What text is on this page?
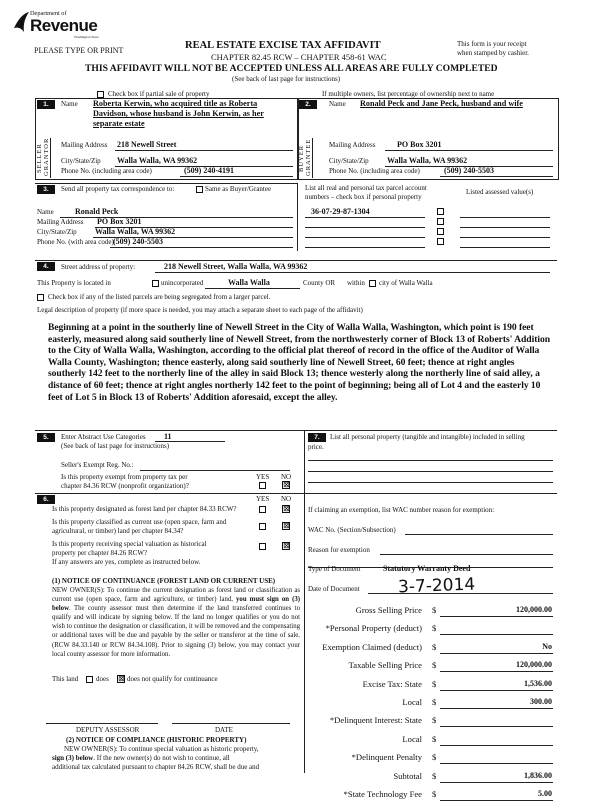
Department of
Revenue
Washington State
PLEASE TYPE OR PRINT	REAL ESTATE EXCISE TAX AFFIDAVIT
CHAPTER 82.45 RCW – CHAPTER 458-61 WAC
This form is your receipt
when stamped by cashier.
THIS AFFIDAVIT WILL NOT BE ACCEPTED UNLESS ALL AREAS ARE FULLY COMPLETED
(See back of last page for instructions)
Check box if partial sale of property	If multiple owners, list percentage of ownership next to name
1.
SELLER GRANTOR
Name Roberta Kerwin, who acquired title as Roberta Davidson, whose husband is John Kerwin, as her separate estate
Mailing Address 218 Newell Street
City/State/Zip Walla Walla, WA 99362
Phone No. (including area code)	(509) 240-4191
2.
BUYER GRANTEE
Name Ronald Peck and Jane Peck, husband and wife
Mailing Address	PO Box 3201
City/State/Zip Walla Walla, WA 99362
Phone No. (including area code)	(509) 240-5503
3.	Send all property tax correspondence to:	Same as Buyer/Grantee	List all real and personal tax parcel account
numbers – check box if personal property
Listed assessed value(s)
Name	Ronald Peck
Mailing Address PO Box 3201
City/State/Zip Walla Walla, WA 99362
Phone No. (with area code) (509) 240-5503
36-07-29-87-1304
4.	Street address of property:	218 Newell Street, Walla Walla, WA 99362
This Property is located in	unincorporated	Walla Walla	County OR within city of Walla Walla
Check box if any of the listed parcels are being segregated from a larger parcel.
Legal description of property (if more space is needed, you may attach a separate sheet to each page of the affidavit)
Beginning at a point in the southerly line of Newell Street in the City of Walla Walla, Washington, which point is 190 feet easterly, measured along said southerly line of Newell Street, from the northwesterly corner of Block 13 of Roberts' Addition to the City of Walla Walla, Washington, according to the official plat thereof of record in the office of the Auditor of Walla Walla County, Washington; thence easterly, along said southerly line of Newell Street, 60 feet; thence at right angles southerly 142 feet to the northerly line of the alley in said Block 13; thence westerly along the northerly line of said alley, a distance of 60 feet; thence at right angles northerly 142 feet to the point of beginning; being all of Lot 4 and the easterly 10 feet of Lot 5 in Block 13 of Roberts' Addition aforesaid, except the alley.
5.	Enter Abstract Use Categories 11
(See back of last page for instructions)
Seller's Exempt Reg. No.:
YES NO
Is this property exempt from property tax per
chapter 84.36 RCW (nonprofit organization)?	⊠
6.	YES NO
Is this property designated as forest land per chapter 84.33 RCW?	⊠
Is this property classified as current use (open space, farm and
agricultural, or timber) land per chapter 84.34?
⊠
Is this property receiving special valuation as historical
property per chapter 84.26 RCW?
⊠
If any answers are yes, complete as instructed below.
(1) NOTICE OF CONTINUANCE (FOREST LAND OR CURRENT USE)
NEW OWNER(S): To continue the current designation as forest land or classification as current use (open space, farm and agriculture, or timber) land, you must sign on (3) below. The county assessor must then determine if the land transferred continues to qualify and will indicate by signing below. If the land no longer qualifies or you do not wish to continue the designation or classification, it will be removed and the compensating or additional taxes will be due and payable by the seller or transferor at the time of sale. (RCW 84.33.140 or RCW 84.34.108). Prior to signing (3) below, you may contact your local county assessor for more information.
This land	does ⊠ does not qualify for continuance
DEPUTY ASSESSOR	DATE
(2) NOTICE OF COMPLIANCE (HISTORIC PROPERTY)
NEW OWNER(S): To continue special valuation as historic property,
sign (3) below. If the new owner(s) do not wish to continue, all
additional tax calculated pursuant to chapter 84.26 RCW, shall be due and
7.	List all personal property (tangible and intangible) included in selling
price.
If claiming an exemption, list WAC number reason for exemption:
WAC No. (Section/Subsection)
Reason for exemption
Type of Document	Statutory Warranty Deed
Date of Document 3-7-2014
Gross Selling Price $	120,000.00
*Personal Property (deduct) $
Exemption Claimed (deduct) $	No
Taxable Selling Price $	120,000.00
Excise Tax: State $	1,536.00
Local $	300.00
*Delinquent Interest: State $
Local $
*Delinquent Penalty $
Subtotal $	1,836.00
*State Technology Fee $	5.00
